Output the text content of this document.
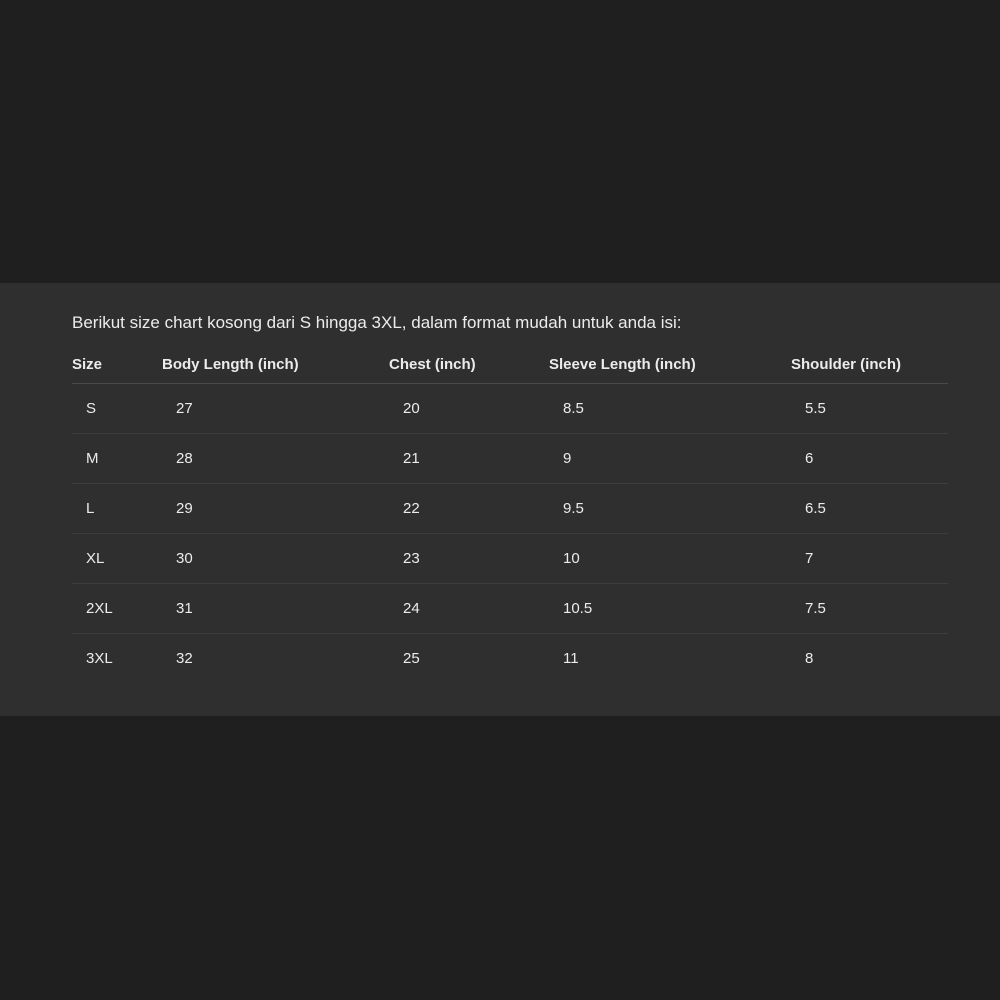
Berikut size chart kosong dari S hingga 3XL, dalam format mudah untuk anda isi:
Size	Body Length (inch)	Chest (inch)	Sleeve Length (inch)	Shoulder (inch)
S	27	20	8.5	5.5
M	28	21	9	6
L	29	22	9.5	6.5
XL	30	23	10	7
2XL	31	24	10.5	7.5
3XL	32	25	11	8
